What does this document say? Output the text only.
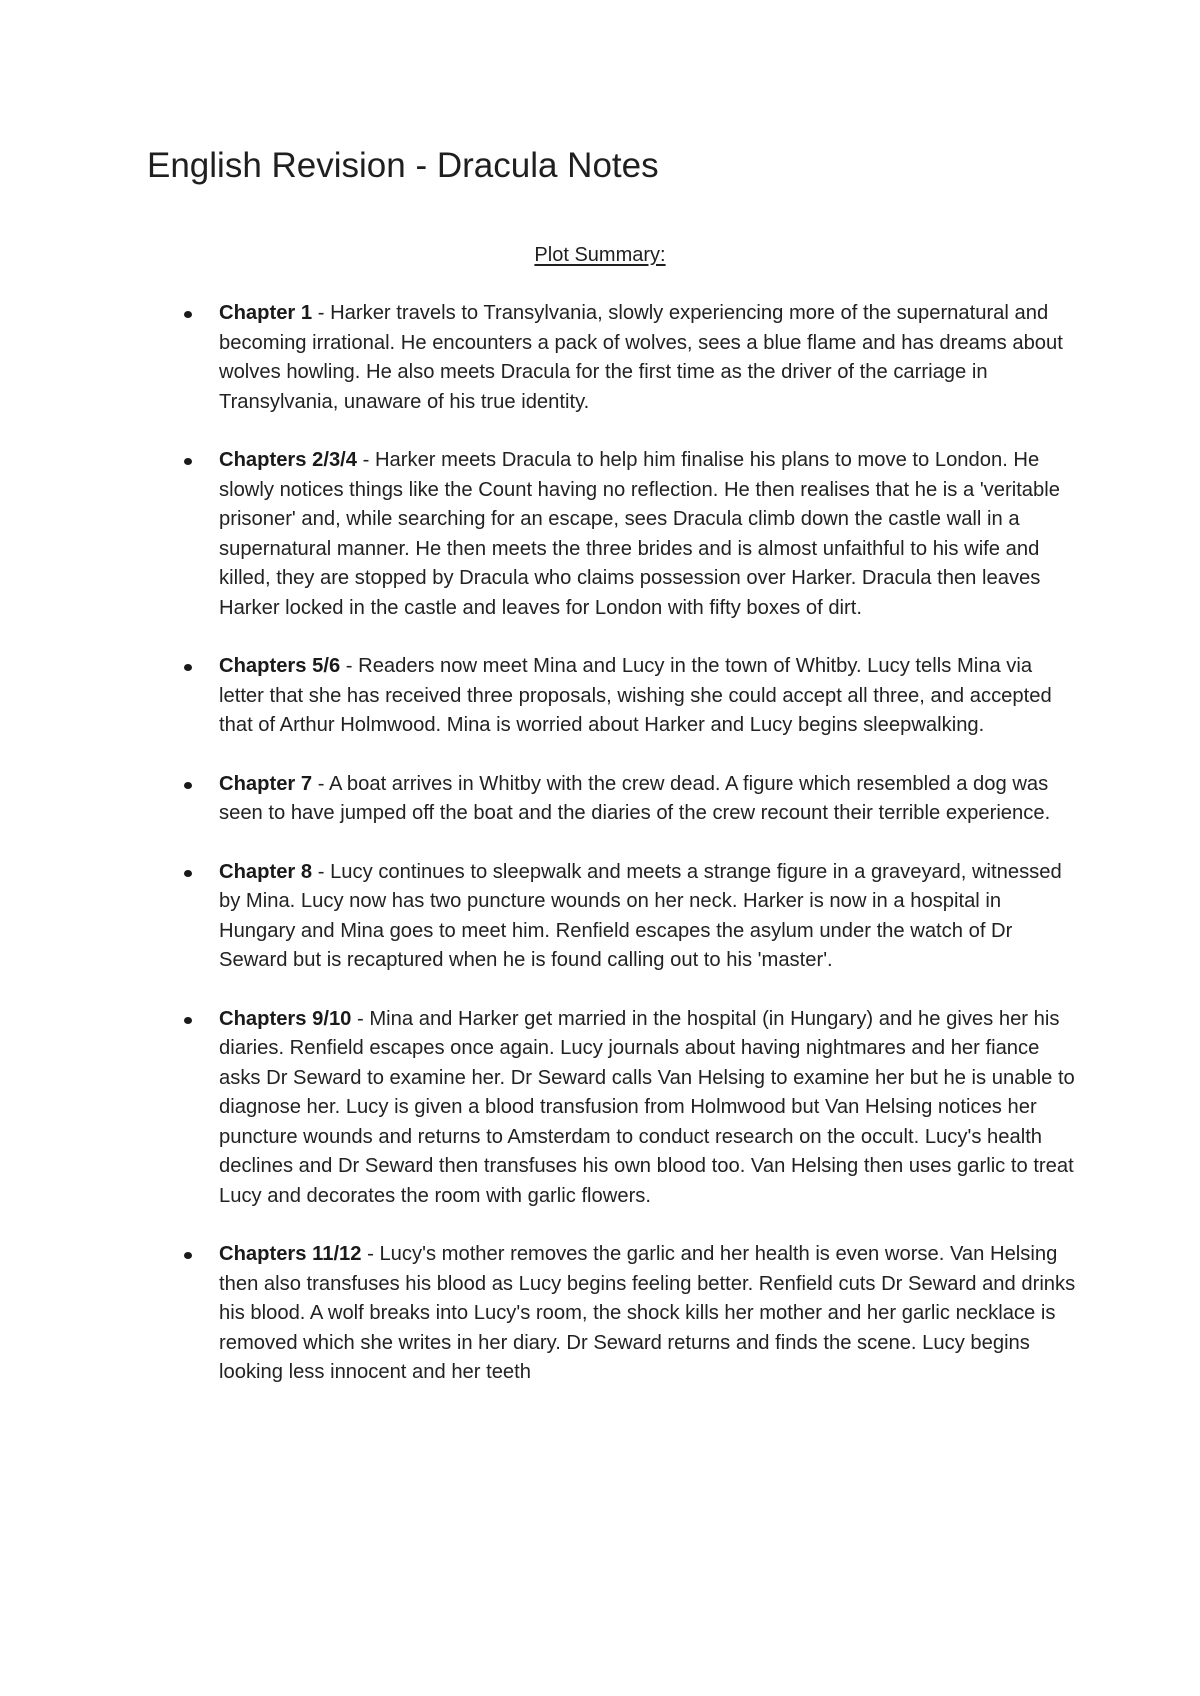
English Revision - Dracula Notes

Plot Summary:

Chapter 1 - Harker travels to Transylvania, slowly experiencing more of the supernatural and becoming irrational. He encounters a pack of wolves, sees a blue flame and has dreams about wolves howling. He also meets Dracula for the first time as the driver of the carriage in Transylvania, unaware of his true identity.
Chapters 2/3/4 - Harker meets Dracula to help him finalise his plans to move to London. He slowly notices things like the Count having no reflection. He then realises that he is a 'veritable prisoner' and, while searching for an escape, sees Dracula climb down the castle wall in a supernatural manner. He then meets the three brides and is almost unfaithful to his wife and killed, they are stopped by Dracula who claims possession over Harker. Dracula then leaves Harker locked in the castle and leaves for London with fifty boxes of dirt.
Chapters 5/6 - Readers now meet Mina and Lucy in the town of Whitby. Lucy tells Mina via letter that she has received three proposals, wishing she could accept all three, and accepted that of Arthur Holmwood. Mina is worried about Harker and Lucy begins sleepwalking.
Chapter 7 - A boat arrives in Whitby with the crew dead. A figure which resembled a dog was seen to have jumped off the boat and the diaries of the crew recount their terrible experience.
Chapter 8 - Lucy continues to sleepwalk and meets a strange figure in a graveyard, witnessed by Mina. Lucy now has two puncture wounds on her neck. Harker is now in a hospital in Hungary and Mina goes to meet him. Renfield escapes the asylum under the watch of Dr Seward but is recaptured when he is found calling out to his 'master'.
Chapters 9/10 - Mina and Harker get married in the hospital (in Hungary) and he gives her his diaries. Renfield escapes once again. Lucy journals about having nightmares and her fiance asks Dr Seward to examine her. Dr Seward calls Van Helsing to examine her but he is unable to diagnose her. Lucy is given a blood transfusion from Holmwood but Van Helsing notices her puncture wounds and returns to Amsterdam to conduct research on the occult. Lucy's health declines and Dr Seward then transfuses his own blood too. Van Helsing then uses garlic to treat Lucy and decorates the room with garlic flowers.
Chapters 11/12 - Lucy's mother removes the garlic and her health is even worse. Van Helsing then also transfuses his blood as Lucy begins feeling better. Renfield cuts Dr Seward and drinks his blood. A wolf breaks into Lucy's room, the shock kills her mother and her garlic necklace is removed which she writes in her diary. Dr Seward returns and finds the scene. Lucy begins looking less innocent and her teeth
